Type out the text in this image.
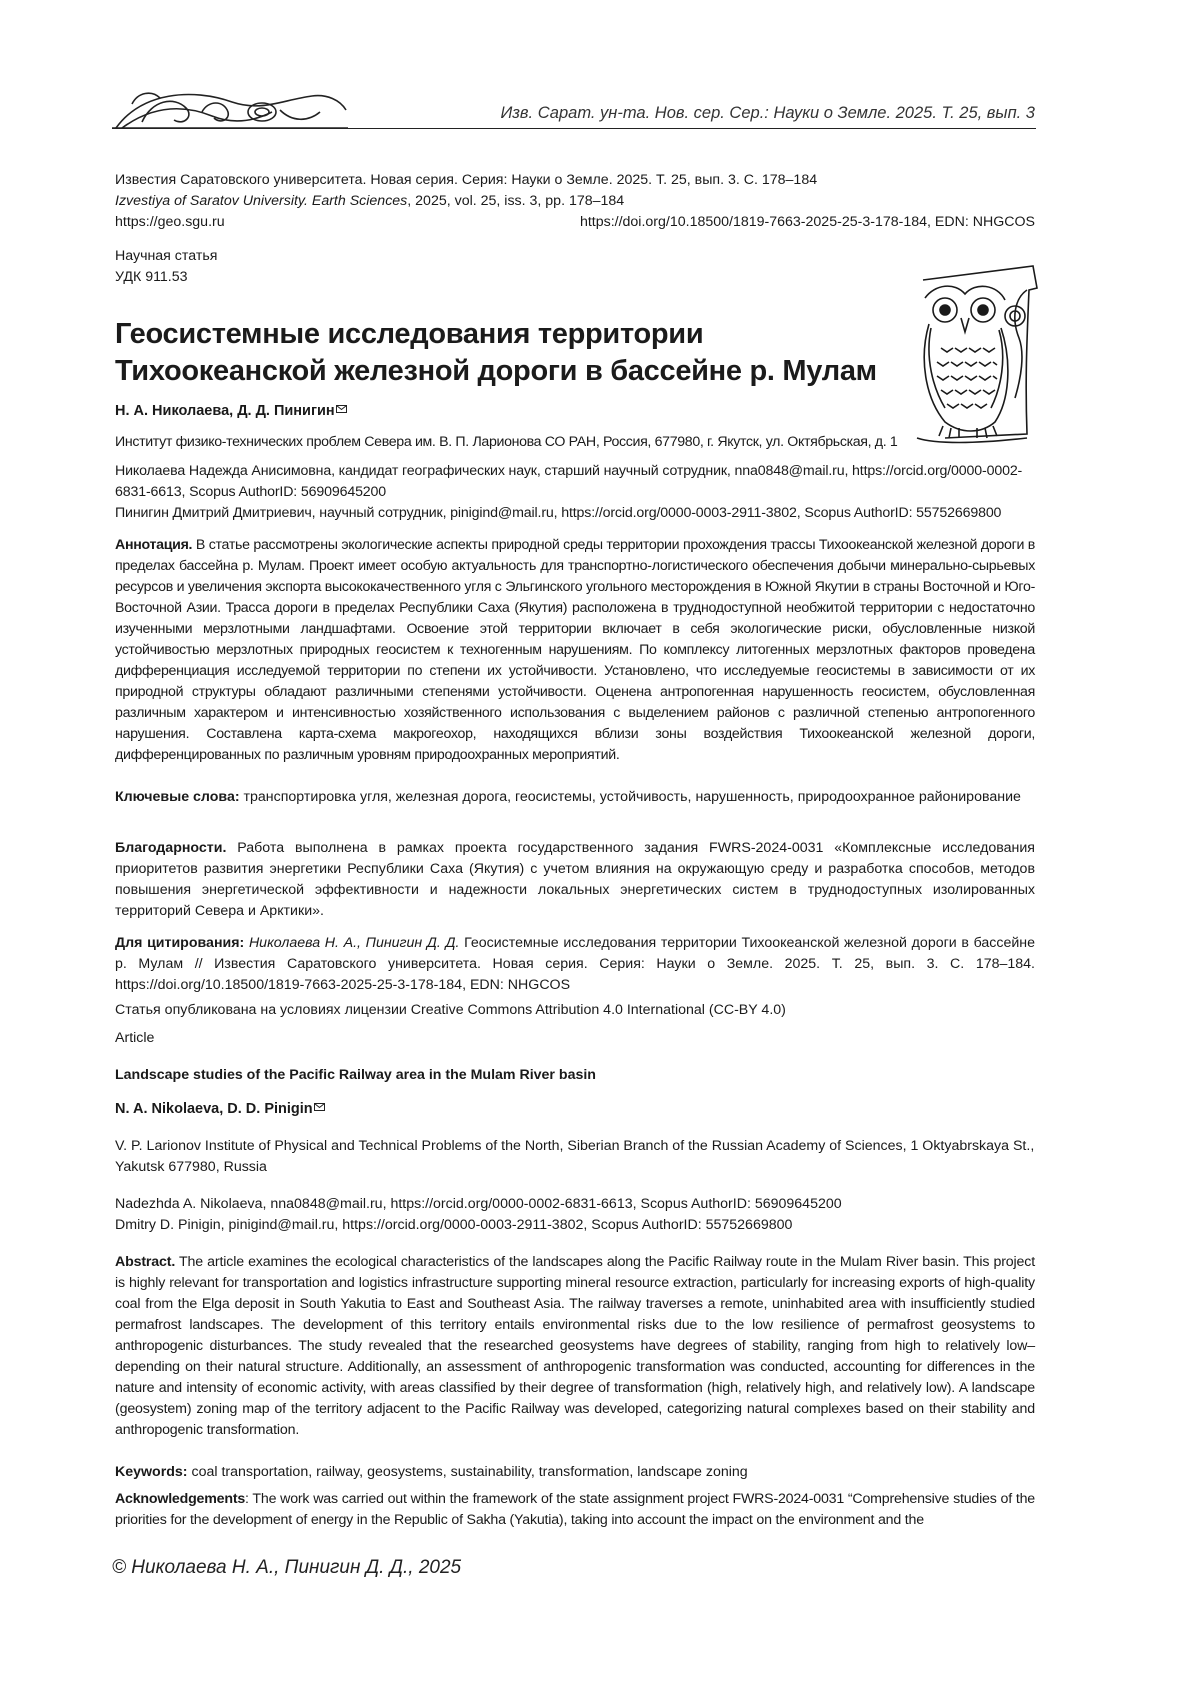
Изв. Сарат. ун-та. Нов. сер. Сер.: Науки о Земле. 2025. Т. 25, вып. 3
Известия Саратовского университета. Новая серия. Серия: Науки о Земле. 2025. Т. 25, вып. 3. С. 178–184
Izvestiya of Saratov University. Earth Sciences, 2025, vol. 25, iss. 3, pp. 178–184
https://geo.sgu.ru	https://doi.org/10.18500/1819-7663-2025-25-3-178-184, EDN: NHGCOS
Научная статья
УДК 911.53
Геосистемные исследования территории
Тихоокеанской железной дороги в бассейне р. Мулам
Н. А. Николаева, Д. Д. Пинигин
Институт физико-технических проблем Севера им. В. П. Ларионова СО РАН, Россия, 677980, г. Якутск, ул. Октябрьская, д. 1
Николаева Надежда Анисимовна, кандидат географических наук, старший научный сотрудник, nna0848@mail.ru, https://orcid.org/0000-0002-
6831-6613, Scopus AuthorID: 56909645200
Пинигин Дмитрий Дмитриевич, научный сотрудник, pinigind@mail.ru, https://orcid.org/0000-0003-2911-3802, Scopus AuthorID: 55752669800
Аннотация. В статье рассмотрены экологические аспекты природной среды территории прохождения трассы Тихоокеанской железной дороги в пределах бассейна р. Мулам. Проект имеет особую актуальность для транспортно-логистического обеспечения добычи минерально-сырьевых ресурсов и увеличения экспорта высококачественного угля с Эльгинского угольного месторождения в Южной Якутии в страны Восточной и Юго-Восточной Азии. Трасса дороги в пределах Республики Саха (Якутия) расположена в труднодоступной необжитой территории с недостаточно изученными мерзлотными ландшафтами. Освоение этой территории включает в себя экологические риски, обусловленные низкой устойчивостью мерзлотных природных геосистем к техногенным нарушениям. По комплексу литогенных мерзлотных факторов проведена дифференциация исследуемой территории по степени их устойчивости. Установлено, что исследуемые геосистемы в зависимости от их природной структуры обладают различными степенями устойчивости. Оценена антропогенная нарушенность геосистем, обусловленная различным характером и интенсивностью хозяйственного использования с выделением районов с различной степенью антропогенного нарушения. Составлена карта-схема макрогеохор, находящихся вблизи зоны воздействия Тихоокеанской железной дороги, дифференцированных по различным уровням природоохранных мероприятий.
Ключевые слова: транспортировка угля, железная дорога, геосистемы, устойчивость, нарушенность, природоохранное районирование
Благодарности. Работа выполнена в рамках проекта государственного задания FWRS-2024-0031 «Комплексные исследования приоритетов развития энергетики Республики Саха (Якутия) с учетом влияния на окружающую среду и разработка способов, методов повышения энергетической эффективности и надежности локальных энергетических систем в труднодоступных изолированных территорий Севера и Арктики».
Для цитирования: Николаева Н. А., Пинигин Д. Д. Геосистемные исследования территории Тихоокеанской железной дороги в бассейне р. Мулам // Известия Саратовского университета. Новая серия. Серия: Науки о Земле. 2025. Т. 25, вып. 3. С. 178–184. https://doi.org/10.18500/1819-7663-2025-25-3-178-184, EDN: NHGCOS
Статья опубликована на условиях лицензии Creative Commons Attribution 4.0 International (CC-BY 4.0)
Article
Landscape studies of the Pacific Railway area in the Mulam River basin
N. A. Nikolaeva, D. D. Pinigin
V. P. Larionov Institute of Physical and Technical Problems of the North, Siberian Branch of the Russian Academy of Sciences, 1 Oktyabrskaya St., Yakutsk 677980, Russia
Nadezhda A. Nikolaeva, nna0848@mail.ru, https://orcid.org/0000-0002-6831-6613, Scopus AuthorID: 56909645200
Dmitry D. Pinigin, pinigind@mail.ru, https://orcid.org/0000-0003-2911-3802, Scopus AuthorID: 55752669800
Abstract. The article examines the ecological characteristics of the landscapes along the Pacific Railway route in the Mulam River basin. This project is highly relevant for transportation and logistics infrastructure supporting mineral resource extraction, particularly for increasing exports of high-quality coal from the Elga deposit in South Yakutia to East and Southeast Asia. The railway traverses a remote, uninhabited area with insufficiently studied permafrost landscapes. The development of this territory entails environmental risks due to the low resilience of permafrost geosystems to anthropogenic disturbances. The study revealed that the researched geosystems have degrees of stability, ranging from high to relatively low–depending on their natural structure. Additionally, an assessment of anthropogenic transformation was conducted, accounting for differences in the nature and intensity of economic activity, with areas classified by their degree of transformation (high, relatively high, and relatively low). A landscape (geosystem) zoning map of the territory adjacent to the Pacific Railway was developed, categorizing natural complexes based on their stability and anthropogenic transformation.
Keywords: coal transportation, railway, geosystems, sustainability, transformation, landscape zoning
Acknowledgements: The work was carried out within the framework of the state assignment project FWRS-2024-0031 “Comprehensive studies of the priorities for the development of energy in the Republic of Sakha (Yakutia), taking into account the impact on the environment and the
© Николаева Н. А., Пинигин Д. Д., 2025
